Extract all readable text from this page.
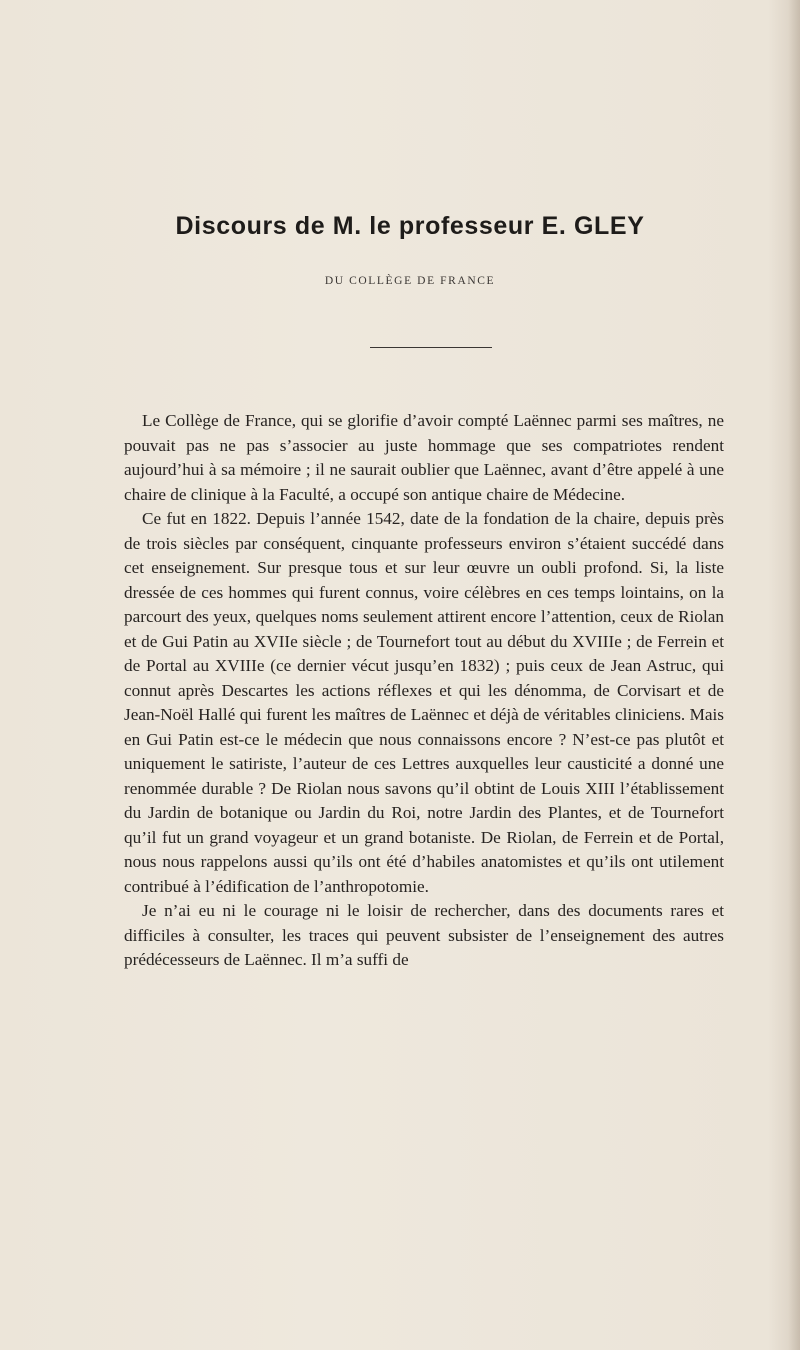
Discours de M. le professeur E. GLEY
DU COLLÈGE DE FRANCE

Le Collège de France, qui se glorifie d’avoir compté Laënnec parmi ses maîtres, ne pouvait pas ne pas s’associer au juste hommage que ses compatriotes rendent aujourd’hui à sa mémoire ; il ne saurait oublier que Laënnec, avant d’être appelé à une chaire de clinique à la Faculté, a occupé son antique chaire de Médecine.

Ce fut en 1822. Depuis l’année 1542, date de la fondation de la chaire, depuis près de trois siècles par conséquent, cinquante professeurs environ s’étaient succédé dans cet enseignement. Sur presque tous et sur leur œuvre un oubli profond. Si, la liste dressée de ces hommes qui furent connus, voire célèbres en ces temps lointains, on la parcourt des yeux, quelques noms seulement attirent encore l’attention, ceux de Riolan et de Gui Patin au XVIIe siècle ; de Tournefort tout au début du XVIIIe ; de Ferrein et de Portal au XVIIIe (ce dernier vécut jusqu’en 1832) ; puis ceux de Jean Astruc, qui connut après Descartes les actions réflexes et qui les dénomma, de Corvisart et de Jean-Noël Hallé qui furent les maîtres de Laënnec et déjà de véritables cliniciens. Mais en Gui Patin est-ce le médecin que nous connaissons encore ? N’est-ce pas plutôt et uniquement le satiriste, l’auteur de ces Lettres auxquelles leur causticité a donné une renommée durable ? De Riolan nous savons qu’il obtint de Louis XIII l’établissement du Jardin de botanique ou Jardin du Roi, notre Jardin des Plantes, et de Tournefort qu’il fut un grand voyageur et un grand botaniste. De Riolan, de Ferrein et de Portal, nous nous rappelons aussi qu’ils ont été d’habiles anatomistes et qu’ils ont utilement contribué à l’édification de l’anthropotomie.

Je n’ai eu ni le courage ni le loisir de rechercher, dans des documents rares et difficiles à consulter, les traces qui peuvent subsister de l’enseignement des autres prédécesseurs de Laënnec. Il m’a suffi de
